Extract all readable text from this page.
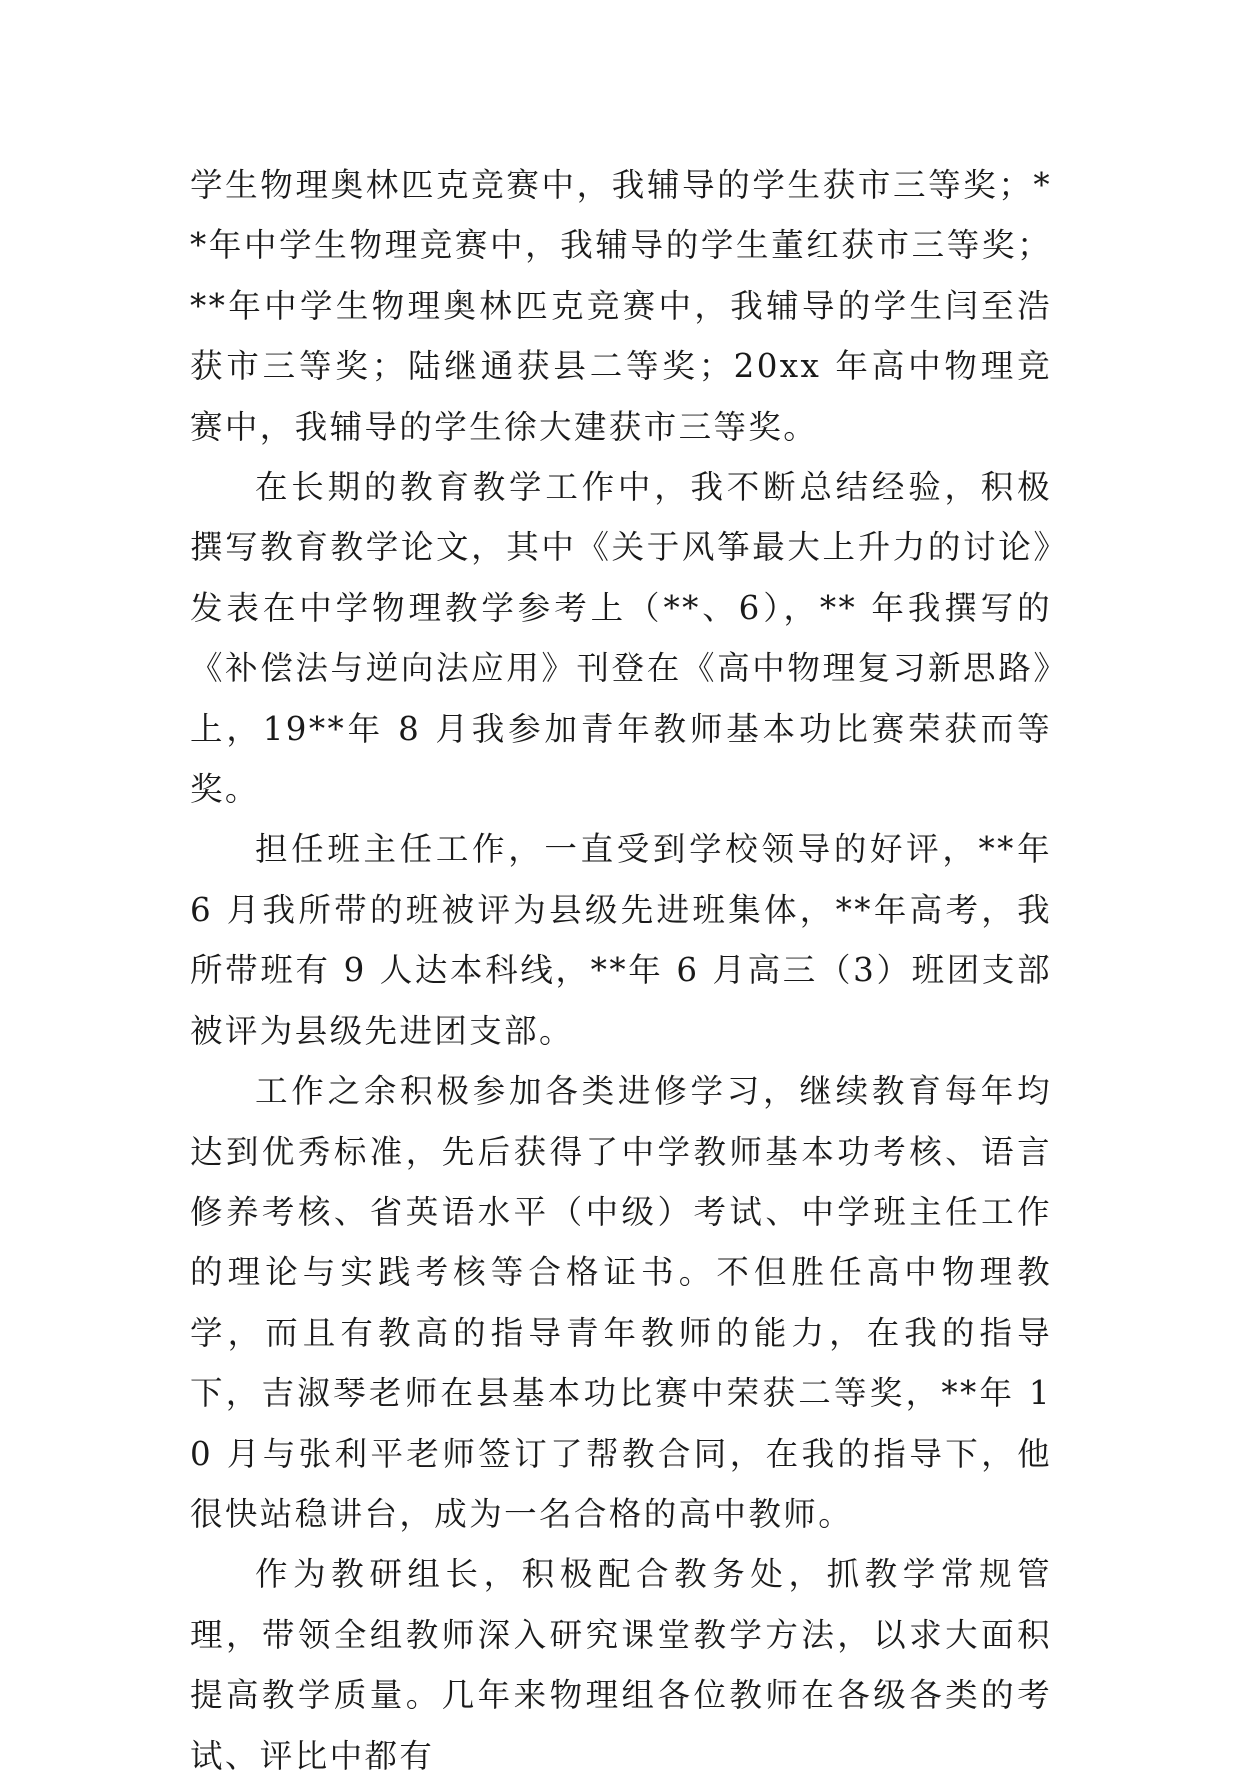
学生物理奥林匹克竞赛中，我辅导的学生获市三等奖；**年中学生物理竞赛中，我辅导的学生董红获市三等奖；**年中学生物理奥林匹克竞赛中，我辅导的学生闫至浩获市三等奖；陆继通获县二等奖；20xx 年高中物理竞赛中，我辅导的学生徐大建获市三等奖。

在长期的教育教学工作中，我不断总结经验，积极撰写教育教学论文，其中《关于风筝最大上升力的讨论》发表在中学物理教学参考上（**、6），** 年我撰写的《补偿法与逆向法应用》刊登在《高中物理复习新思路》上，19**年 8 月我参加青年教师基本功比赛荣获而等奖。

担任班主任工作，一直受到学校领导的好评，**年 6 月我所带的班被评为县级先进班集体，**年高考，我所带班有 9 人达本科线，**年 6 月高三（3）班团支部被评为县级先进团支部。

工作之余积极参加各类进修学习，继续教育每年均达到优秀标准，先后获得了中学教师基本功考核、语言修养考核、省英语水平（中级）考试、中学班主任工作的理论与实践考核等合格证书。不但胜任高中物理教学，而且有教高的指导青年教师的能力，在我的指导下，吉淑琴老师在县基本功比赛中荣获二等奖，**年 10 月与张利平老师签订了帮教合同，在我的指导下，他很快站稳讲台，成为一名合格的高中教师。

作为教研组长，积极配合教务处，抓教学常规管理，带领全组教师深入研究课堂教学方法，以求大面积提高教学质量。几年来物理组各位教师在各级各类的考试、评比中都有
